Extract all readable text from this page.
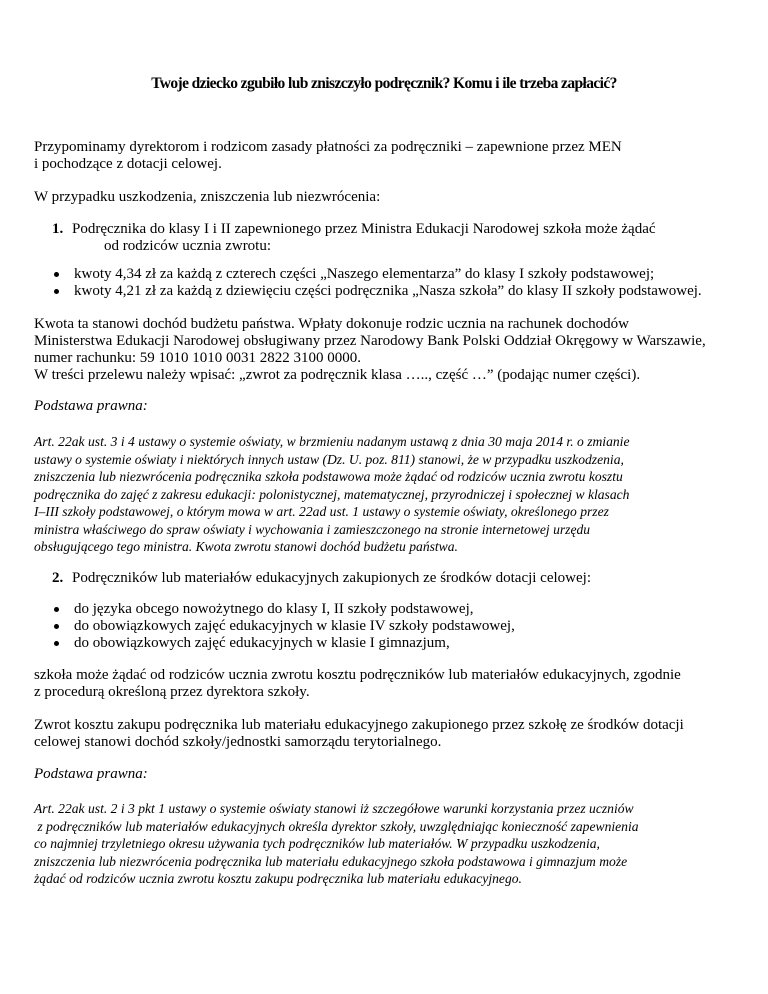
Twoje dziecko zgubiło lub zniszczyło podręcznik? Komu i ile trzeba zapłacić?
Przypominamy dyrektorom i rodzicom zasady płatności za podręczniki – zapewnione przez MEN
i pochodzące z dotacji celowej.
W przypadku uszkodzenia, zniszczenia lub niezwrócenia:
1. Podręcznika do klasy I i II zapewnionego przez Ministra Edukacji Narodowej szkoła może żądać
od rodziców ucznia zwrotu:
kwoty 4,34 zł za każdą z czterech części „Naszego elementarza” do klasy I szkoły podstawowej;
kwoty 4,21 zł za każdą z dziewięciu części podręcznika „Nasza szkoła” do klasy II szkoły podstawowej.
Kwota ta stanowi dochód budżetu państwa. Wpłaty dokonuje rodzic ucznia na rachunek dochodów
Ministerstwa Edukacji Narodowej obsługiwany przez Narodowy Bank Polski Oddział Okręgowy w Warszawie,
numer rachunku: 59 1010 1010 0031 2822 3100 0000.
W treści przelewu należy wpisać: „zwrot za podręcznik klasa ….., część …” (podając numer części).
Podstawa prawna:
Art. 22ak ust. 3 i 4 ustawy o systemie oświaty, w brzmieniu nadanym ustawą z dnia 30 maja 2014 r. o zmianie
ustawy o systemie oświaty i niektórych innych ustaw (Dz. U. poz. 811) stanowi, że w przypadku uszkodzenia,
zniszczenia lub niezwrócenia podręcznika szkoła podstawowa może żądać od rodziców ucznia zwrotu kosztu
podręcznika do zajęć z zakresu edukacji: polonistycznej, matematycznej, przyrodniczej i społecznej w klasach
I–III szkoły podstawowej, o którym mowa w art. 22ad ust. 1 ustawy o systemie oświaty, określonego przez
ministra właściwego do spraw oświaty i wychowania i zamieszczonego na stronie internetowej urzędu
obsługującego tego ministra. Kwota zwrotu stanowi dochód budżetu państwa.
2. Podręczników lub materiałów edukacyjnych zakupionych ze środków dotacji celowej:
do języka obcego nowożytnego do klasy I, II szkoły podstawowej,
do obowiązkowych zajęć edukacyjnych w klasie IV szkoły podstawowej,
do obowiązkowych zajęć edukacyjnych w klasie I gimnazjum,
szkoła może żądać od rodziców ucznia zwrotu kosztu podręczników lub materiałów edukacyjnych, zgodnie
z procedurą określoną przez dyrektora szkoły.
Zwrot kosztu zakupu podręcznika lub materiału edukacyjnego zakupionego przez szkołę ze środków dotacji
celowej stanowi dochód szkoły/jednostki samorządu terytorialnego.
Podstawa prawna:
Art. 22ak ust. 2 i 3 pkt 1 ustawy o systemie oświaty stanowi iż szczegółowe warunki korzystania przez uczniów
z podręczników lub materiałów edukacyjnych określa dyrektor szkoły, uwzględniając konieczność zapewnienia
co najmniej trzyletniego okresu używania tych podręczników lub materiałów. W przypadku uszkodzenia,
zniszczenia lub niezwrócenia podręcznika lub materiału edukacyjnego szkoła podstawowa i gimnazjum może
żądać od rodziców ucznia zwrotu kosztu zakupu podręcznika lub materiału edukacyjnego.
